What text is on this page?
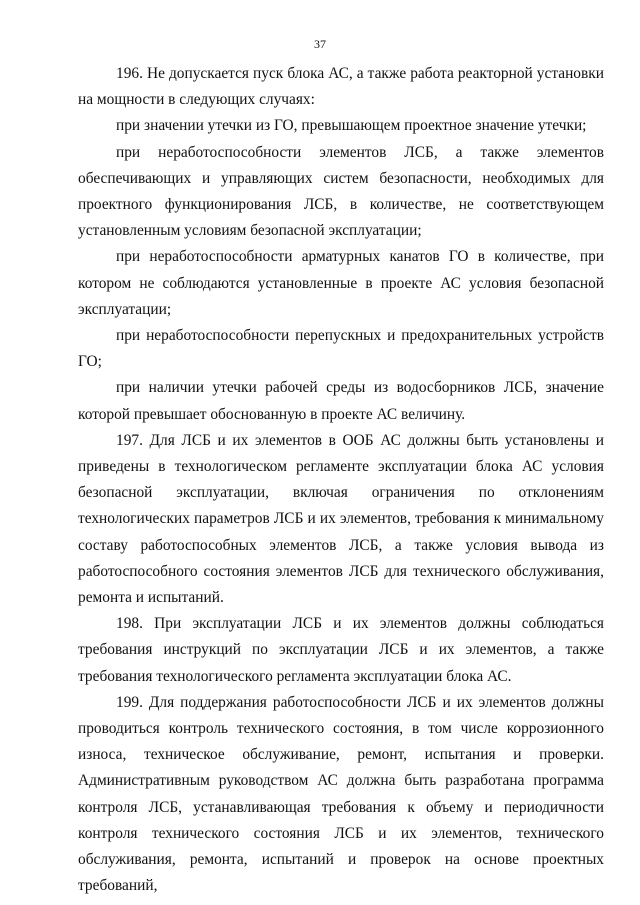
37

196. Не допускается пуск блока АС, а также работа реакторной установки на мощности в следующих случаях:

при значении утечки из ГО, превышающем проектное значение утечки;

при неработоспособности элементов ЛСБ, а также элементов обеспечивающих и управляющих систем безопасности, необходимых для проектного функционирования ЛСБ, в количестве, не соответствующем установленным условиям безопасной эксплуатации;

при неработоспособности арматурных канатов ГО в количестве, при котором не соблюдаются установленные в проекте АС условия безопасной эксплуатации;

при неработоспособности перепускных и предохранительных устройств ГО;

при наличии утечки рабочей среды из водосборников ЛСБ, значение которой превышает обоснованную в проекте АС величину.

197. Для ЛСБ и их элементов в ООБ АС должны быть установлены и приведены в технологическом регламенте эксплуатации блока АС условия безопасной эксплуатации, включая ограничения по отклонениям технологических параметров ЛСБ и их элементов, требования к минимальному составу работоспособных элементов ЛСБ, а также условия вывода из работоспособного состояния элементов ЛСБ для технического обслуживания, ремонта и испытаний.

198. При эксплуатации ЛСБ и их элементов должны соблюдаться требования инструкций по эксплуатации ЛСБ и их элементов, а также требования технологического регламента эксплуатации блока АС.

199. Для поддержания работоспособности ЛСБ и их элементов должны проводиться контроль технического состояния, в том числе коррозионного износа, техническое обслуживание, ремонт, испытания и проверки. Административным руководством АС должна быть разработана программа контроля ЛСБ, устанавливающая требования к объему и периодичности контроля технического состояния ЛСБ и их элементов, технического обслуживания, ремонта, испытаний и проверок на основе проектных требований,
